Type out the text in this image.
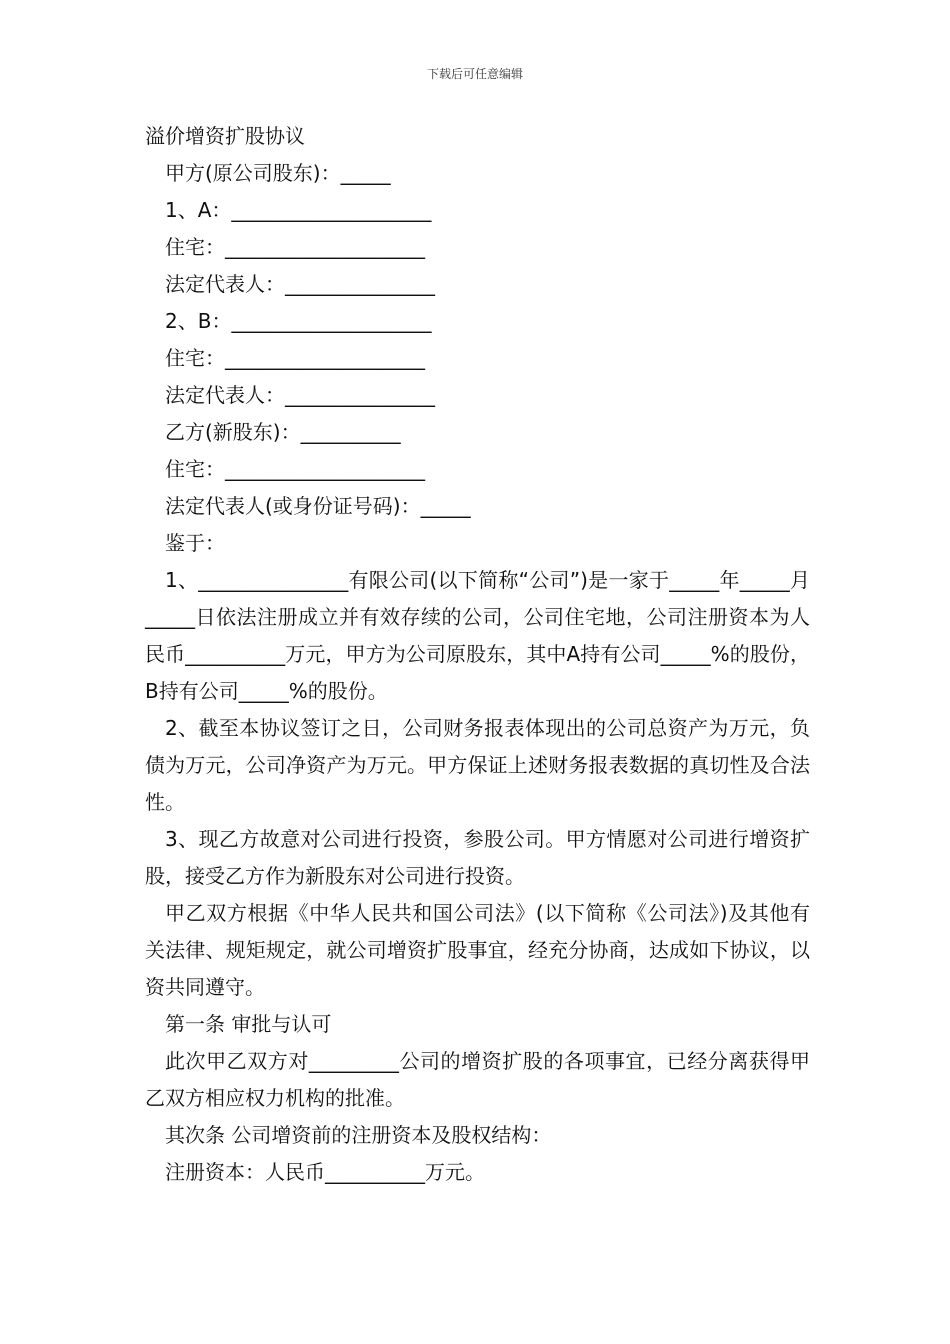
下载后可任意编辑
溢价增资扩股协议
甲方(原公司股东)：_____
1、A：____________________
住宅：____________________
法定代表人：_______________
2、B：____________________
住宅：____________________
法定代表人：_______________
乙方(新股东)：__________
住宅：____________________
法定代表人(或身份证号码)：_____
鉴于：
1、_______________有限公司(以下简称“公司”)是一家于_____年_____月 _____日依法注册成立并有效存续的公司，公司住宅地，公司注册资本为人民币__________万元，甲方为公司原股东，其中A持有公司_____%的股份，B持有公司_____%的股份。
2、截至本协议签订之日，公司财务报表体现出的公司总资产为万元，负债为万元，公司净资产为万元。甲方保证上述财务报表数据的真切性及合法性。
3、现乙方故意对公司进行投资，参股公司。甲方情愿对公司进行增资扩股，接受乙方作为新股东对公司进行投资。
甲乙双方根据《中华人民共和国公司法》(以下简称《公司法》)及其他有关法律、规矩规定，就公司增资扩股事宜，经充分协商，达成如下协议，以资共同遵守。
第一条 审批与认可
此次甲乙双方对_________公司的增资扩股的各项事宜，已经分离获得甲乙双方相应权力机构的批准。
其次条 公司增资前的注册资本及股权结构：
注册资本：人民币__________万元。
